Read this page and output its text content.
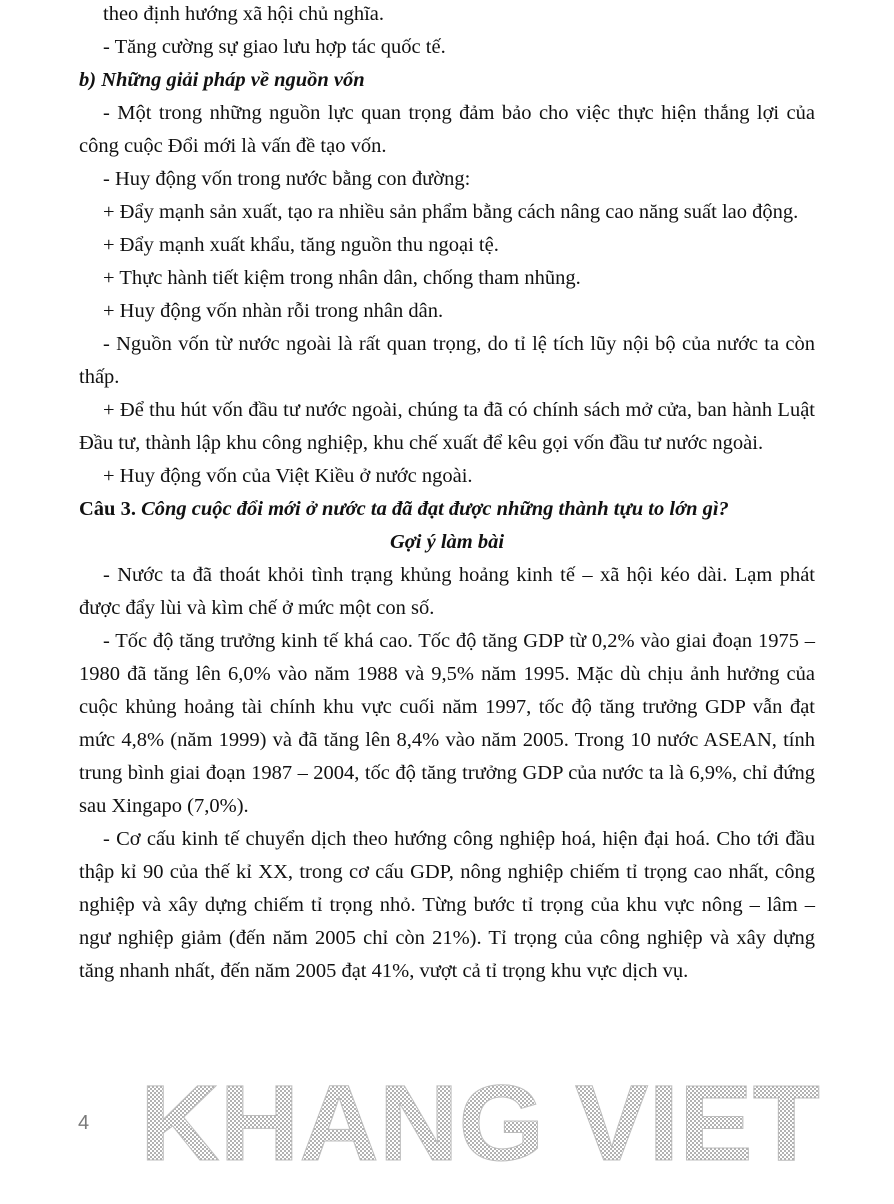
theo định hướng xã hội chủ nghĩa.

- Tăng cường sự giao lưu hợp tác quốc tế.

b) Những giải pháp về nguồn vốn

- Một trong những nguồn lực quan trọng đảm bảo cho việc thực hiện thắng lợi của công cuộc Đổi mới là vấn đề tạo vốn.

- Huy động vốn trong nước bằng con đường:

+ Đẩy mạnh sản xuất, tạo ra nhiều sản phẩm bằng cách nâng cao năng suất lao động.

+ Đẩy mạnh xuất khẩu, tăng nguồn thu ngoại tệ.

+ Thực hành tiết kiệm trong nhân dân, chống tham nhũng.

+ Huy động vốn nhàn rỗi trong nhân dân.

- Nguồn vốn từ nước ngoài là rất quan trọng, do tỉ lệ tích lũy nội bộ của nước ta còn thấp.

+ Để thu hút vốn đầu tư nước ngoài, chúng ta đã có chính sách mở cửa, ban hành Luật Đầu tư, thành lập khu công nghiệp, khu chế xuất để kêu gọi vốn đầu tư nước ngoài.

+ Huy động vốn của Việt Kiều ở nước ngoài.

Câu 3. Công cuộc đổi mới ở nước ta đã đạt được những thành tựu to lớn gì?

Gợi ý làm bài

- Nước ta đã thoát khỏi tình trạng khủng hoảng kinh tế – xã hội kéo dài. Lạm phát được đẩy lùi và kìm chế ở mức một con số.

- Tốc độ tăng trưởng kinh tế khá cao. Tốc độ tăng GDP từ 0,2% vào giai đoạn 1975 – 1980 đã tăng lên 6,0% vào năm 1988 và 9,5% năm 1995. Mặc dù chịu ảnh hưởng của cuộc khủng hoảng tài chính khu vực cuối năm 1997, tốc độ tăng trưởng GDP vẫn đạt mức 4,8% (năm 1999) và đã tăng lên 8,4% vào năm 2005. Trong 10 nước ASEAN, tính trung bình giai đoạn 1987 – 2004, tốc độ tăng trưởng GDP của nước ta là 6,9%, chỉ đứng sau Xingapo (7,0%).

- Cơ cấu kinh tế chuyển dịch theo hướng công nghiệp hoá, hiện đại hoá. Cho tới đầu thập kỉ 90 của thế kỉ XX, trong cơ cấu GDP, nông nghiệp chiếm tỉ trọng cao nhất, công nghiệp và xây dựng chiếm tỉ trọng nhỏ. Từng bước tỉ trọng của khu vực nông – lâm – ngư nghiệp giảm (đến năm 2005 chỉ còn 21%). Tỉ trọng của công nghiệp và xây dựng tăng nhanh nhất, đến năm 2005 đạt 41%, vượt cả tỉ trọng khu vực dịch vụ.

KHANG VIET
4
